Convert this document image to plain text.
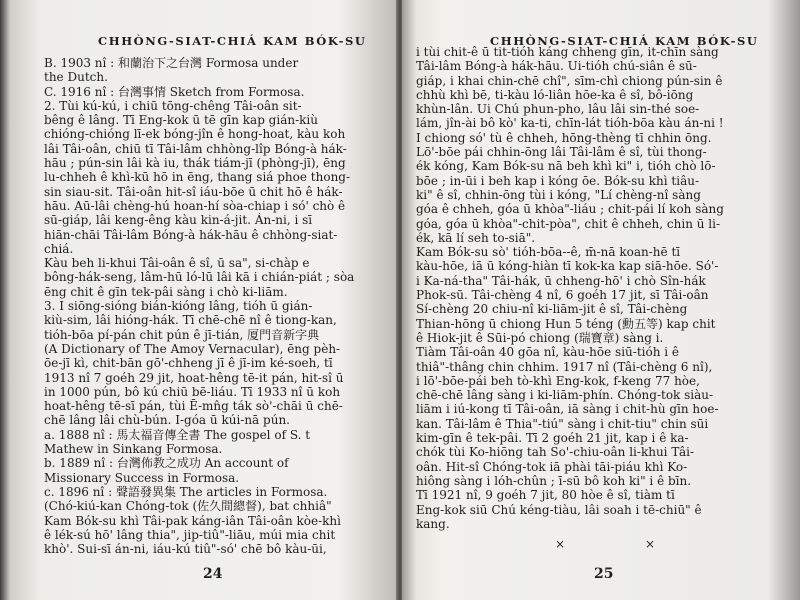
CHHÒNG-SIAT-CHIÁ KAM BÓK-SU
B. 1903 nî : 和蘭治下之台灣 Formosa under
the Dutch.
C. 1916 nî : 台灣事情 Sketch from Formosa.
2. Tùi kú-kú, i chiū tōng-chêng Tâi-oân sit-
bêng ê lâng. Tī Eng-kok ū tē gīn kap gián-kiù
chióng-chióng lī-ek bóng-jîn ê hong-hoat, kàu koh
lâi Tâi-oân, chiū tī Tâi-lâm chhòng-lîp Bóng-à hák-
hāu ; pún-sin lâi kà iu, thák tiám-jī (phòng-jī), ēng
lu-chheh ê khì-kū hō in ēng, thang siá phoe thong-
sin siau-sit. Tâi-oân hit-sî iáu-bōe ū chit hō ê hák-
hāu. Aū-lâi chèng-hú hoan-hí sòa-chiap i só' chò ê
sū-giáp, lâi keng-êng kàu kin-á-jit. Án-ni, i sī
hiān-chāi Tâi-lâm Bóng-à hák-hāu ê chhòng-siat-
chiá.
Kàu beh li-khui Tâi-oân ê sî, ū sa", si-chàp e
bông-hák-seng, lâm-hū ló-lū lâi kā i chián-piát ; sòa
ēng chit ê gīn tek-pâi sàng i chò ki-liām.
3. I siōng-sióng bián-kióng lâng, tióh ū gián-
kiù-sim, lâi hióng-hák. Tī chē-chē nî ê tiong-kan,
tióh-bōa pí-pán chit pún ê jī-tián, 厦門音新字典
(A Dictionary of The Amoy Vernacular), ēng pèh-
ōe-jī kì, chit-bān gō'-chheng jī ê jī-im ké-soeh, tī
1913 nî 7 goéh 29 jit, hoat-hêng tē-it pán, hit-sî ū
in 1000 pún, bô kú chiū bē-liáu. Tī 1933 nî ū koh
hoat-hêng tē-sī pán, tùi Ē-mn̂g ták sò'-chāi ū chē-
chē lâng lâi chù-bún. I-góa ū kúi-nā pún.
a. 1888 nî : 馬太福音傳全書 The gospel of S. t
Mathew in Sinkang Formosa.
b. 1889 nî : 台灣佈教之成功 An account of
Missionary Success in Formosa.
c. 1896 nî : 聲語發異集 The articles in Formosa.
(Chó-kiú-kan Chóng-tok (佐久間總督), bat chhiâ"
Kam Bók-su khì Tâi-pak káng-iân Tâi-oân kòe-khì
ê lék-sú hō' lâng thia", jip-tiû"-liāu, múi mia chit
khò'. Sui-sī án-ni, iáu-kú tiû"-só' chē bô kàu-ūi,
24
CHHÒNG-SIAT-CHIÁ KAM BÓK-SU
i tùi chit-ê ū tit-tióh káng chheng gīn, it-chīn sàng
Tâi-lâm Bóng-à hák-hāu. Ui-tióh chú-siân ê sū-
giáp, i khai chin-chē chî", sīm-chì chiong pún-sin ê
chhù khì bē, ti-kàu ló-liân hōe-ka ê sî, bô-iōng
khùn-lân. Ui Chú phun-pho, lâu lâi sin-thé soe-
lám, jîn-ài bô kò' ka-ti, chīn-lát tióh-bōa kàu án-ni !
I chiong só' tù ê chheh, hōng-thèng tī chhin ōng.
Lō'-bōe pái chhin-ōng lâi Tâi-lâm ê sî, tùi thong-
ék kóng, Kam Bók-su nā beh khì ki" i, tióh chò lō-
bōe ; in-ūi i beh kap i kóng ōe. Bók-su khì tiâu-
ki" ê sî, chhin-ōng tùi i kóng, "Lí chèng-nî sàng
góa ê chheh, góa ū khòa"-liáu ; chit-pái lí koh sàng
góa, góa ū khòa"-chit-pòa", chit ê chheh, chin ū li-
ék, kā lí seh to-siā".
Kam Bók-su sò' tióh-bōa--ê, m̄-nā koan-hē tī
kàu-hōe, iā ū kóng-hiàn tī kok-ka kap siā-hōe. Só'-
i Ka-ná-tha" Tâi-hák, ū chheng-hō' i chò Sîn-hák
Phok-sū. Tâi-chèng 4 nî, 6 goéh 17 jit, sī Tâi-oân
Sí-chèng 20 chiu-nî ki-liām-jit ê sî, Tâi-chèng
Thian-hōng ū chiong Hun 5 téng (勳五等) kap chit
ê Hiok-jit ê Sūi-pó chiong (瑞寶章) sàng i.
Tiàm Tâi-oân 40 gōa nî, kàu-hōe siū-tióh i ê
thiâ"-thâng chin chhim. 1917 nî (Tâi-chèng 6 nî),
i lō'-bōe-pái beh tò-khì Eng-kok, f-keng 77 hòe,
chē-chē lâng sàng i ki-liām-phín. Chóng-tok siàu-
liām i iú-kong tī Tâi-oân, iā sàng i chit-hù gīn hoe-
kan. Tâi-lâm ê Thia"-tiú" sàng i chit-tiu" chin sūi
kim-gīn ê tek-pâi. Tī 2 goéh 21 jit, kap i ê ka-
chók tùi Ko-hiōng tah So'-chiu-oân li-khui Tâi-
oân. Hit-sî Chóng-tok iā phài tāi-piáu khì Ko-
hiông sàng i lóh-chûn ; ī-sū bô koh ki" i ê bīn.
Tī 1921 nî, 9 goéh 7 jit, 80 hòe ê sî, tiàm tī
Eng-kok siū Chú kéng-tiàu, lâi soah i tē-chiū" ê
kang.
×	×
25
